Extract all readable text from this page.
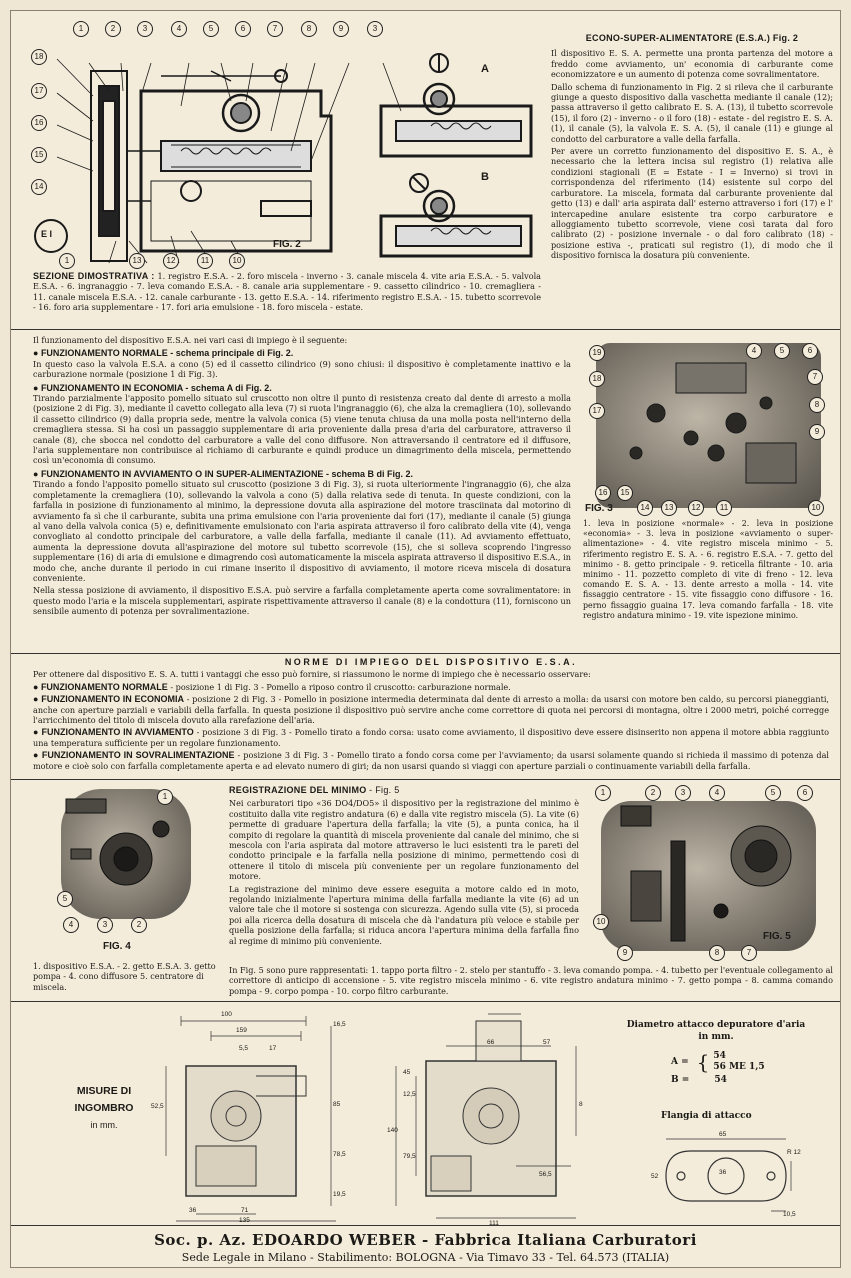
1	2	3	4	5	6	7	8	9	3
18
17
16
15
14
E I
1	13	12	11	10
FIG. 2
A
B
SEZIONE DIMOSTRATIVA : 1. registro E.S.A. - 2. foro miscela - inverno - 3. canale miscela 4. vite aria E.S.A. - 5. valvola E.S.A. - 6. ingranaggio - 7. leva comando E.S.A. - 8. canale aria supplementare - 9. cassetto cilindrico - 10. cremagliera - 11. canale miscela E.S.A. - 12. canale carburante - 13. getto E.S.A. - 14. riferimento registro E.S.A. - 15. tubetto scorrevole - 16. foro aria supplementare - 17. fori aria emulsione - 18. foro miscela - estate.
ECONO-SUPER-ALIMENTATORE (E.S.A.) Fig. 2

Il dispositivo E. S. A. permette una pronta partenza del motore a freddo come avviamento, un' economia di carburante come economizzatore e un aumento di potenza come sovralimentatore.

Dallo schema di funzionamento in Fig. 2 si rileva che il carburante giunge a questo dispositivo dalla vaschetta mediante il canale (12); passa attraverso il getto calibrato E. S. A. (13), il tubetto scorrevole (15), il foro (2) - inverno - o il foro (18) - estate - del registro E. S. A. (1), il canale (5), la valvola E. S. A. (5), il canale (11) e giunge al condotto del carburatore a valle della farfalla.

Per avere un corretto funzionamento del dispositivo E. S. A., è necessario che la lettera incisa sul registro (1) relativa alle condizioni stagionali (E = Estate - I = Inverno) si trovi in corrispondenza del riferimento (14) esistente sul corpo del carburatore. La miscela, formata dal carburante proveniente dal getto (13) e dall' aria aspirata dall' esterno attraverso i fori (17) e l' intercapedine anulare esistente tra corpo carburatore e alloggiamento tubetto scorrevole, viene così tarata dal foro calibrato (2) - posizione invernale - o dal foro calibrato (18) - posizione estiva -, praticati sul registro (1), di modo che il dispositivo fornisca la dosatura più conveniente.

Il funzionamento del dispositivo E.S.A. nei vari casi di impiego è il seguente:

● FUNZIONAMENTO NORMALE - schema principale di Fig. 2.

In questo caso la valvola E.S.A. a cono (5) ed il cassetto cilindrico (9) sono chiusi: il dispositivo è completamente inattivo e la carburazione normale (posizione 1 di Fig. 3).

● FUNZIONAMENTO IN ECONOMIA - schema A di Fig. 2.

Tirando parzialmente l'apposito pomello situato sul cruscotto non oltre il punto di resistenza creato dal dente di arresto a molla (posizione 2 di Fig. 3), mediante il cavetto collegato alla leva (7) si ruota l'ingranaggio (6), che alza la cremagliera (10), sollevando il cassetto cilindrico (9) dalla propria sede, mentre la valvola conica (5) viene tenuta chiusa da una molla posta nell'interno della cremagliera stessa. Si ha così un passaggio supplementare di aria proveniente dalla presa d'aria del carburatore, attraverso il canale (8), che sbocca nel condotto del carburatore a valle del cono diffusore. Non attraversando il centratore ed il diffusore, l'aria supplementare non contribuisce al richiamo di carburante e quindi produce un dimagrimento della miscela, permettendo così un'economia di consumo.

● FUNZIONAMENTO IN AVVIAMENTO O IN SUPER-ALIMENTAZIONE - schema B di Fig. 2.

Tirando a fondo l'apposito pomello situato sul cruscotto (posizione 3 di Fig. 3), si ruota ulteriormente l'ingranaggio (6), che alza completamente la cremagliera (10), sollevando la valvola a cono (5) dalla relativa sede di tenuta. In queste condizioni, con la farfalla in posizione di funzionamento al minimo, la depressione dovuta alla aspirazione del motore trasciinata dal motorino di avviamento fa sì che il carburante, subita una prima emulsione con l'aria proveniente dai fori (17), mediante il canale (5) giunga al vano della valvola conica (5) e, definitivamente emulsionato con l'aria aspirata attraverso il foro calibrato della vite (4), venga convogliato al condotto principale del carburatore, a valle della farfalla, mediante il canale (11). Ad avviamento effettuato, aumenta la depressione dovuta all'aspirazione del motore sul tubetto scorrevole (15), che si solleva scoprendo l'ingresso supplementare (16) di aria di emulsione e dimagrendo così automaticamente la miscela aspirata attraverso il dispositivo E.S.A., in modo che, anche durante il periodo in cui rimane inserito il dispositivo di avviamento, il motore riceva miscela di dosatura conveniente.

Nella stessa posizione di avviamento, il dispositivo E.S.A. può servire a farfalla completamente aperta come sovralimentatore: in questo modo l'aria e la miscela supplementari, aspirate rispettivamente attraverso il canale (8) e la condottura (11), forniscono un sensibile aumento di potenza per sovralimentazione.

19
18
17
4	5	6
7
8
9
16	15
14	13	12	11	10
FIG. 3
1. leva in posizione «normale» - 2. leva in posizione «economia» - 3. leva in posizione «avviamento o super-alimentazione» - 4. vite registro miscela minimo - 5. riferimento registro E. S. A. - 6. registro E.S.A. - 7. getto del minimo - 8. getto principale - 9. reticella filtrante - 10. aria minimo - 11. pozzetto completo di vite di freno - 12. leva comando E. S. A. - 13. dente arresto a molla - 14. vite fissaggio centratore - 15. vite fissaggio cono diffusore - 16. perno fissaggio guaina 17. leva comando farfalla - 18. vite registro andatura minimo - 19. vite ispezione minimo.
NORME DI IMPIEGO DEL DISPOSITIVO E.S.A.

Per ottenere dal dispositivo E. S. A. tutti i vantaggi che esso può fornire, si riassumono le norme di impiego che è necessario osservare:

● FUNZIONAMENTO NORMALE - posizione 1 di Fig. 3 - Pomello a riposo contro il cruscotto: carburazione normale.

● FUNZIONAMENTO IN ECONOMIA - posizione 2 di Fig. 3 - Pomello in posizione intermedia determinata dal dente di arresto a molla: da usarsi con motore ben caldo, su percorsi pianeggianti, anche con aperture parziali e variabili della farfalla. In questa posizione il dispositivo può servire anche come correttore di quota nei percorsi di montagna, oltre i 2000 metri, poiché corregge l'arricchimento del titolo di miscela dovuto alla rarefazione dell'aria.

● FUNZIONAMENTO IN AVVIAMENTO - posizione 3 di Fig. 3 - Pomello tirato a fondo corsa: usato come avviamento, il dispositivo deve essere disinserito non appena il motore abbia raggiunto una temperatura sufficiente per un regolare funzionamento.

● FUNZIONAMENTO IN SOVRALIMENTAZIONE - posizione 3 di Fig. 3 - Pomello tirato a fondo corsa come per l'avviamento; da usarsi solamente quando si richieda il massimo di potenza dal motore e cioè solo con farfalla completamente aperta e ad elevato numero di giri; da non usarsi quando si viaggi con aperture parziali o continuamente variabili della farfalla.

1
5
4	3	2
FIG. 4
1. dispositivo E.S.A. - 2. getto E.S.A. 3. getto pompa - 4. cono diffusore 5. centratore di miscela.
REGISTRAZIONE DEL MINIMO - Fig. 5

Nei carburatori tipo «36 DO4/DO5» il dispositivo per la registrazione del minimo è costituito dalla vite registro andatura (6) e dalla vite registro miscela (5). La vite (6) permette di graduare l'apertura della farfalla; la vite (5), a punta conica, ha il compito di regolare la quantità di miscela proveniente dal canale del minimo, che si mescola con l'aria aspirata dal motore attraverso le luci esistenti tra le pareti del condotto principale e la farfalla nella posizione di minimo, permettendo così di ottenere il titolo di miscela più conveniente per un regolare funzionamento del motore.

La registrazione del minimo deve essere eseguita a motore caldo ed in moto, regolando inizialmente l'apertura minima della farfalla mediante la vite (6) ad un valore tale che il motore si sostenga con sicurezza. Agendo sulla vite (5), si proceda poi alla ricerca della dosatura di miscela che dà l'andatura più veloce e stabile per quella posizione della farfalla; si riduca ancora l'apertura minima della farfalla fino al regime di minimo più conveniente.

1	2	3	4	5	6
10
9	8	7
FIG. 5
In Fig. 5 sono pure rappresentati: 1. tappo porta filtro - 2. stelo per stantuffo - 3. leva comando pompa. - 4. tubetto per l'eventuale collegamento al correttore di anticipo di accensione - 5. vite registro miscela minimo - 6. vite registro andatura minimo - 7. getto pompa - 8. camma comando pompa - 9. corpo pompa - 10. corpo filtro carburante.
MISURE DI
INGOMBRO
in mm.
100
159
16,5
5,5	17
52,5	85
78,5
19,5
36	71
135
66	57
45
12,5
140
79,5
56,5
111
8
Diametro attacco depuratore d'aria
in mm.
A = { 54
56 ME 1,5
B =	54
Flangia di attacco
65
36
R 12
52
10,5
Soc. p. Az. EDOARDO WEBER - Fabbrica Italiana Carburatori
Sede Legale in Milano - Stabilimento: BOLOGNA - Via Timavo 33 - Tel. 64.573 (ITALIA)
